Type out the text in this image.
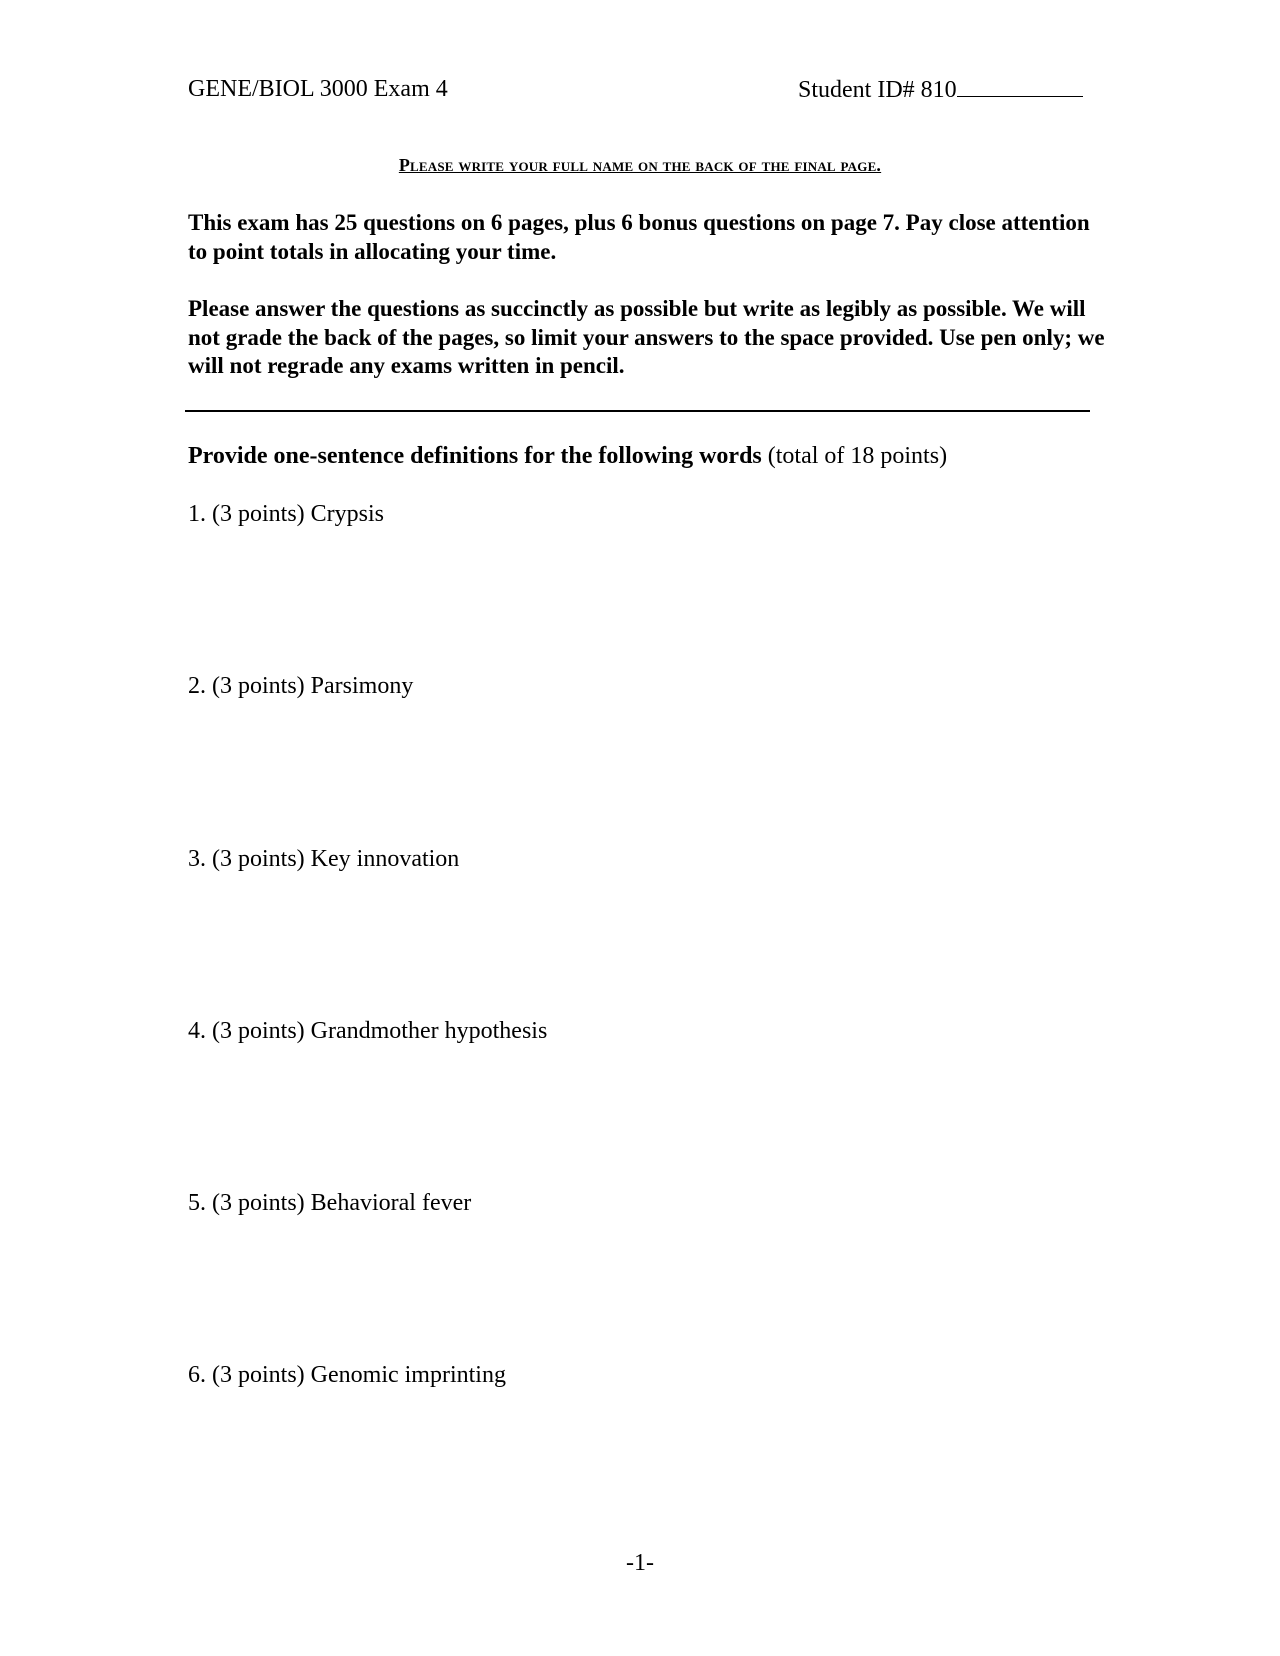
GENE/BIOL 3000 Exam 4	Student ID# 810
Please write your full name on the back of the final page.
This exam has 25 questions on 6 pages, plus 6 bonus questions on page 7. Pay close attention to point totals in allocating your time.
Please answer the questions as succinctly as possible but write as legibly as possible. We will not grade the back of the pages, so limit your answers to the space provided. Use pen only; we will not regrade any exams written in pencil.
Provide one-sentence definitions for the following words (total of 18 points)
1. (3 points) Crypsis
2. (3 points) Parsimony
3. (3 points) Key innovation
4. (3 points) Grandmother hypothesis
5. (3 points) Behavioral fever
6. (3 points) Genomic imprinting
-1-
